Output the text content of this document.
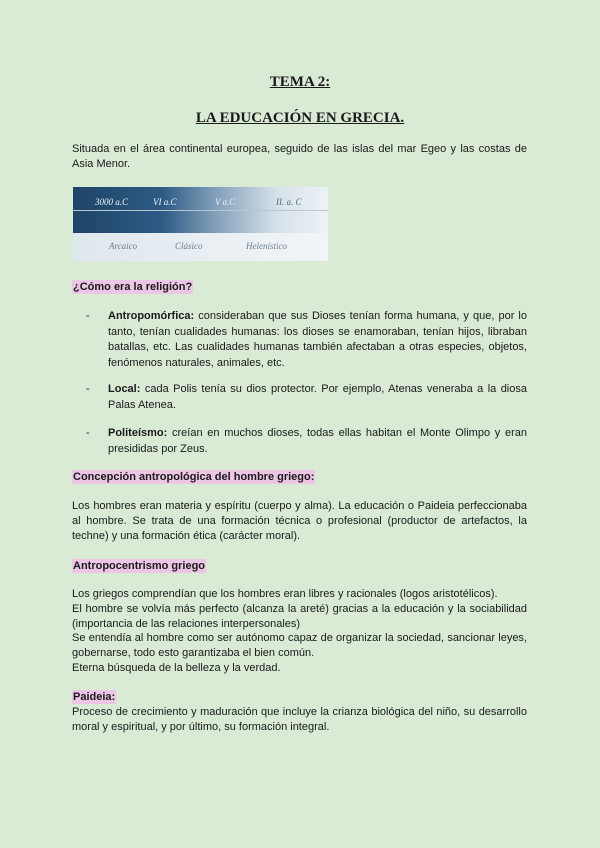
TEMA 2:
LA EDUCACIÓN EN GRECIA.
Situada en el área continental europea, seguido de las islas del mar Egeo y las costas de Asia Menor.
3000 a.C	VI a.C	V a.C	II. a. C
Arcaico	Clásico	Helenístico
¿Cómo era la religión?
- Antropomórfica: consideraban que sus Dioses tenían forma humana, y que, por lo tanto, tenían cualidades humanas: los dioses se enamoraban, tenían hijos, libraban batallas, etc. Las cualidades humanas también afectaban a otras especies, objetos, fenómenos naturales, animales, etc.
- Local: cada Polis tenía su dios protector. Por ejemplo, Atenas veneraba a la diosa Palas Atenea.
- Politeísmo: creían en muchos dioses, todas ellas habitan el Monte Olimpo y eran presididas por Zeus.
Concepción antropológica del hombre griego:
Los hombres eran materia y espíritu (cuerpo y alma). La educación o Paideia perfeccionaba al hombre. Se trata de una formación técnica o profesional (productor de artefactos, la techne) y una formación ética (carácter moral).
Antropocentrismo griego
Los griegos comprendían que los hombres eran libres y racionales (logos aristotélicos).
El hombre se volvía más perfecto (alcanza la areté) gracias a la educación y la sociabilidad (importancia de las relaciones interpersonales)
Se entendía al hombre como ser autónomo capaz de organizar la sociedad, sancionar leyes, gobernarse, todo esto garantizaba el bien común.
Eterna búsqueda de la belleza y la verdad.
Paideia:
Proceso de crecimiento y maduración que incluye la crianza biológica del niño, su desarrollo moral y espiritual, y por último, su formación integral.
